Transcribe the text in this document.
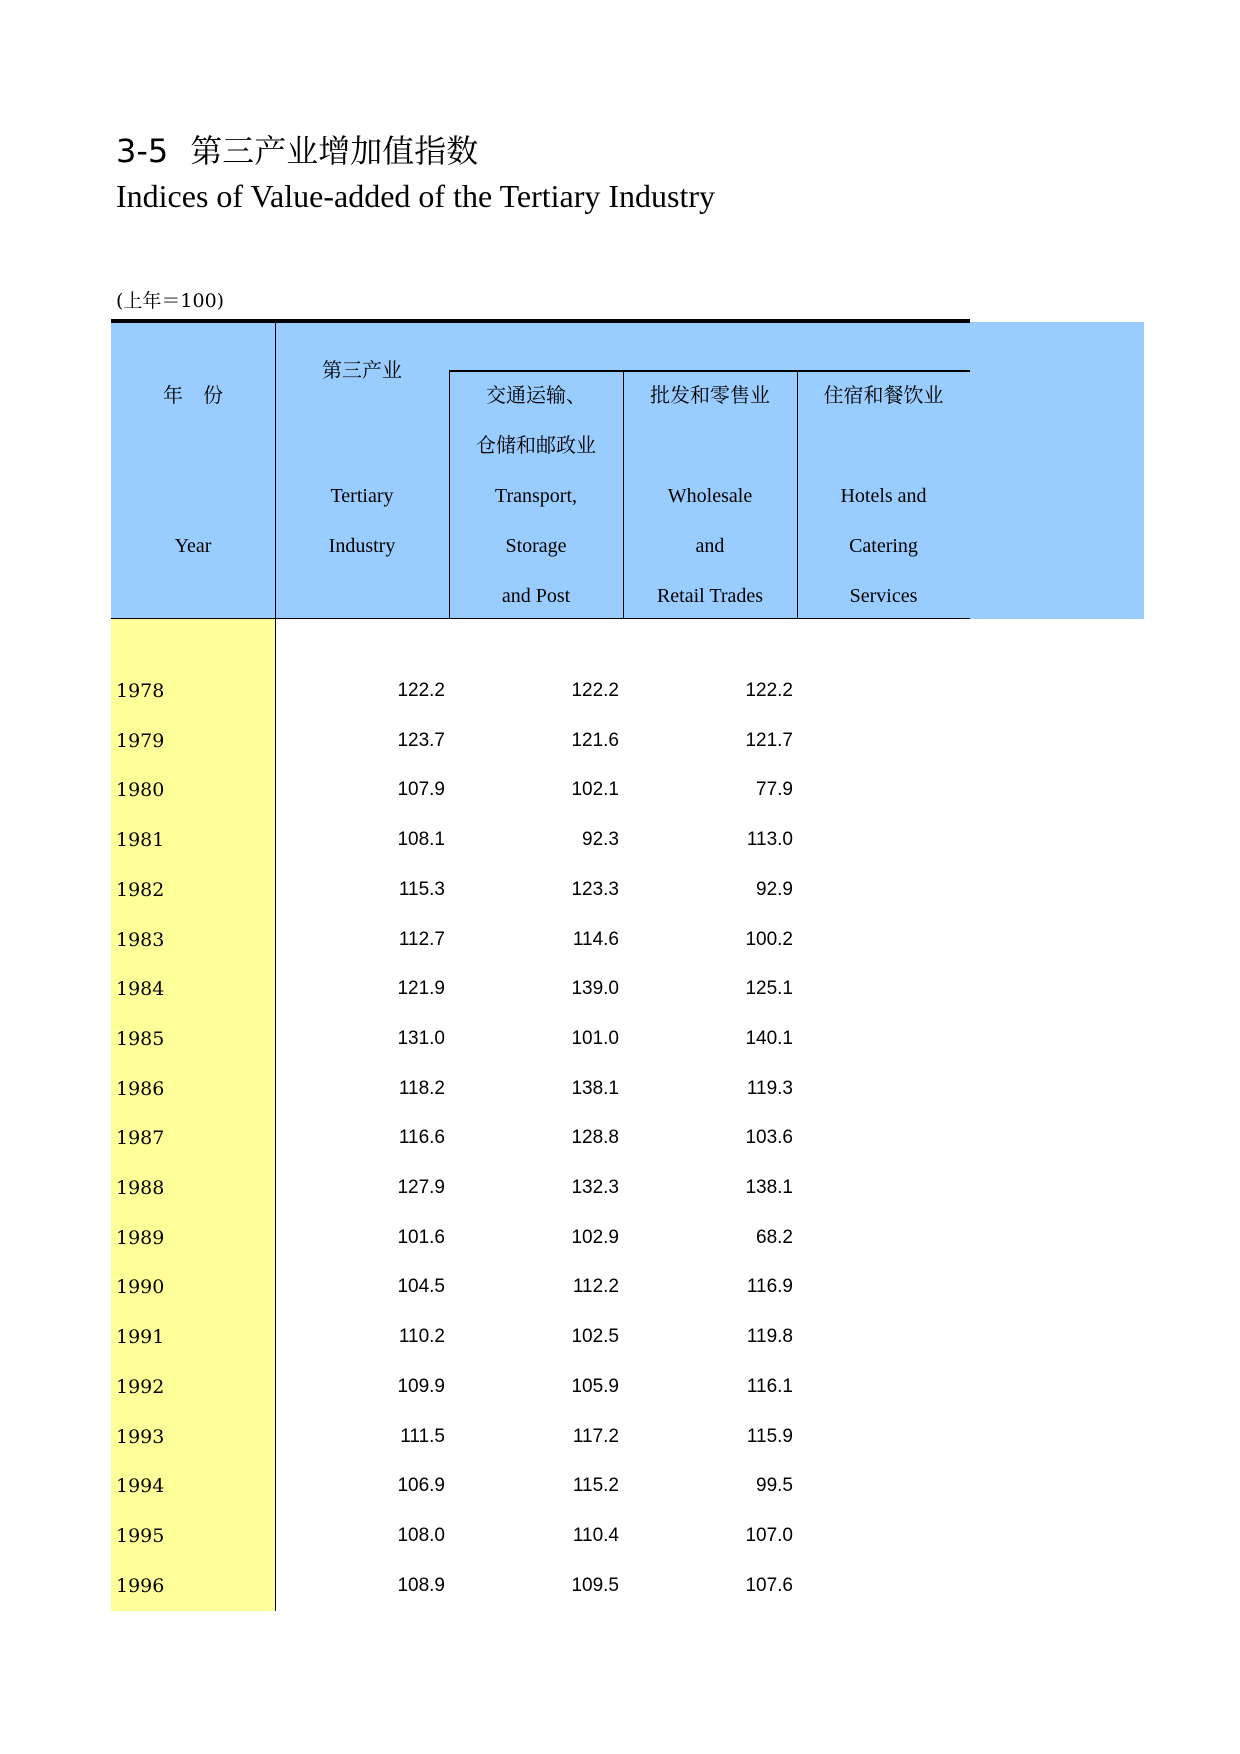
3-5 第三产业增加值指数
Indices of Value-added of the Tertiary Industry
(上年＝100)
年　份
Year
第三产业
Tertiary
Industry
交通运输、
仓储和邮政业
Transport,
Storage
and Post
批发和零售业
Wholesale
and
Retail Trades
住宿和餐饮业
Hotels and
Catering
Services
1978	122.2	122.2	122.2
1979	123.7	121.6	121.7
1980	107.9	102.1	77.9
1981	108.1	92.3	113.0
1982	115.3	123.3	92.9
1983	112.7	114.6	100.2
1984	121.9	139.0	125.1
1985	131.0	101.0	140.1
1986	118.2	138.1	119.3
1987	116.6	128.8	103.6
1988	127.9	132.3	138.1
1989	101.6	102.9	68.2
1990	104.5	112.2	116.9
1991	110.2	102.5	119.8
1992	109.9	105.9	116.1
1993	111.5	117.2	115.9
1994	106.9	115.2	99.5
1995	108.0	110.4	107.0
1996	108.9	109.5	107.6
